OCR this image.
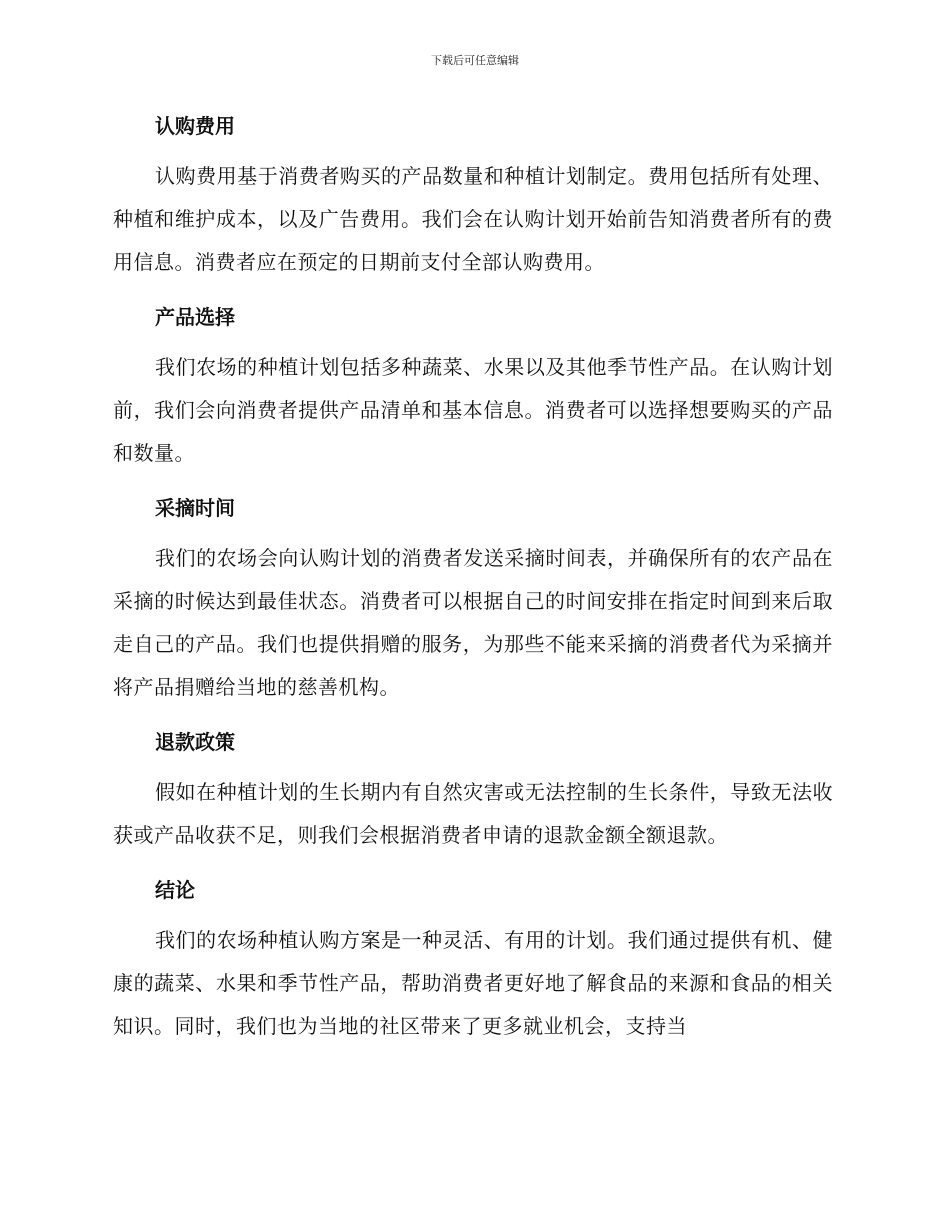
下载后可任意编辑
认购费用

认购费用基于消费者购买的产品数量和种植计划制定。费用包括所有处理、种植和维护成本，以及广告费用。我们会在认购计划开始前告知消费者所有的费用信息。消费者应在预定的日期前支付全部认购费用。

产品选择

我们农场的种植计划包括多种蔬菜、水果以及其他季节性产品。在认购计划前，我们会向消费者提供产品清单和基本信息。消费者可以选择想要购买的产品和数量。

采摘时间

我们的农场会向认购计划的消费者发送采摘时间表，并确保所有的农产品在采摘的时候达到最佳状态。消费者可以根据自己的时间安排在指定时间到来后取走自己的产品。我们也提供捐赠的服务，为那些不能来采摘的消费者代为采摘并将产品捐赠给当地的慈善机构。

退款政策

假如在种植计划的生长期内有自然灾害或无法控制的生长条件，导致无法收获或产品收获不足，则我们会根据消费者申请的退款金额全额退款。

结论

我们的农场种植认购方案是一种灵活、有用的计划。我们通过提供有机、健康的蔬菜、水果和季节性产品，帮助消费者更好地了解食品的来源和食品的相关知识。同时，我们也为当地的社区带来了更多就业机会，支持当
